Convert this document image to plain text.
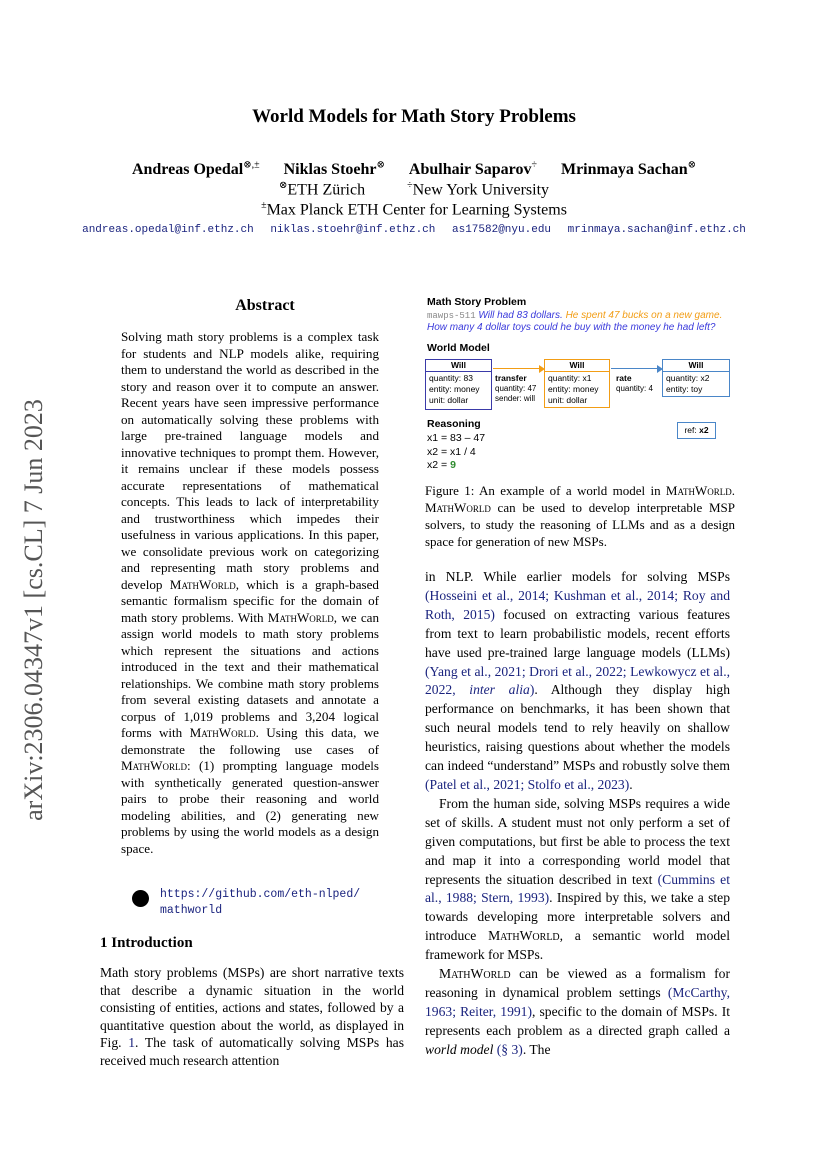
arXiv:2306.04347v1 [cs.CL] 7 Jun 2023
World Models for Math Story Problems
Andreas Opedal⊗,± Niklas Stoehr⊗ Abulhair Saparov÷ Mrinmaya Sachan⊗
⊗ETH Zürich	÷New York University
±Max Planck ETH Center for Learning Systems
andreas.opedal@inf.ethz.ch niklas.stoehr@inf.ethz.ch as17582@nyu.edu mrinmaya.sachan@inf.ethz.ch
Abstract
Solving math story problems is a complex task for students and NLP models alike, requiring them to understand the world as described in the story and reason over it to compute an answer. Recent years have seen impressive performance on automatically solving these problems with large pre-trained language models and innovative techniques to prompt them. However, it remains unclear if these models possess accurate representations of mathematical concepts. This leads to lack of interpretability and trustworthiness which impedes their usefulness in various applications. In this paper, we consolidate previous work on categorizing and representing math story problems and develop MathWorld, which is a graph-based semantic formalism specific for the domain of math story problems. With MathWorld, we can assign world models to math story problems which represent the situations and actions introduced in the text and their mathematical relationships. We combine math story problems from several existing datasets and annotate a corpus of 1,019 problems and 3,204 logical forms with MathWorld. Using this data, we demonstrate the following use cases of MathWorld: (1) prompting language models with synthetically generated question-answer pairs to probe their reasoning and world modeling abilities, and (2) generating new problems by using the world models as a design space.
https://github.com/eth-nlped/
mathworld
1 Introduction
Math story problems (MSPs) are short narrative texts that describe a dynamic situation in the world consisting of entities, actions and states, followed by a quantitative question about the world, as displayed in Fig. 1. The task of automatically solving MSPs has received much research attention
Math Story Problem
mawps-511 Will had 83 dollars. He spent 47 bucks on a new game.
How many 4 dollar toys could he buy with the money he had left?
World Model
Will
quantity: 83
entity: money
unit: dollar
transfer
quantity: 47
sender: will
Will
quantity: x1
entity: money
unit: dollar
rate
quantity: 4
Will
quantity: x2
entity: toy
Reasoning
x1 = 83 – 47
x2 = x1 / 4
x2 = 9
ref: x2
Figure 1: An example of a world model in MathWorld. MathWorld can be used to develop interpretable MSP solvers, to study the reasoning of LLMs and as a design space for generation of new MSPs.

in NLP. While earlier models for solving MSPs (Hosseini et al., 2014; Kushman et al., 2014; Roy and Roth, 2015) focused on extracting various features from text to learn probabilistic models, recent efforts have used pre-trained large language models (LLMs) (Yang et al., 2021; Drori et al., 2022; Lewkowycz et al., 2022, inter alia). Although they display high performance on benchmarks, it has been shown that such neural models tend to rely heavily on shallow heuristics, raising questions about whether the models can indeed “understand” MSPs and robustly solve them (Patel et al., 2021; Stolfo et al., 2023).

From the human side, solving MSPs requires a wide set of skills. A student must not only perform a set of given computations, but first be able to process the text and map it into a corresponding world model that represents the situation described in text (Cummins et al., 1988; Stern, 1993). Inspired by this, we take a step towards developing more interpretable solvers and introduce MathWorld, a semantic world model framework for MSPs.

MathWorld can be viewed as a formalism for reasoning in dynamical problem settings (McCarthy, 1963; Reiter, 1991), specific to the domain of MSPs. It represents each problem as a directed graph called a world model (§ 3). The
